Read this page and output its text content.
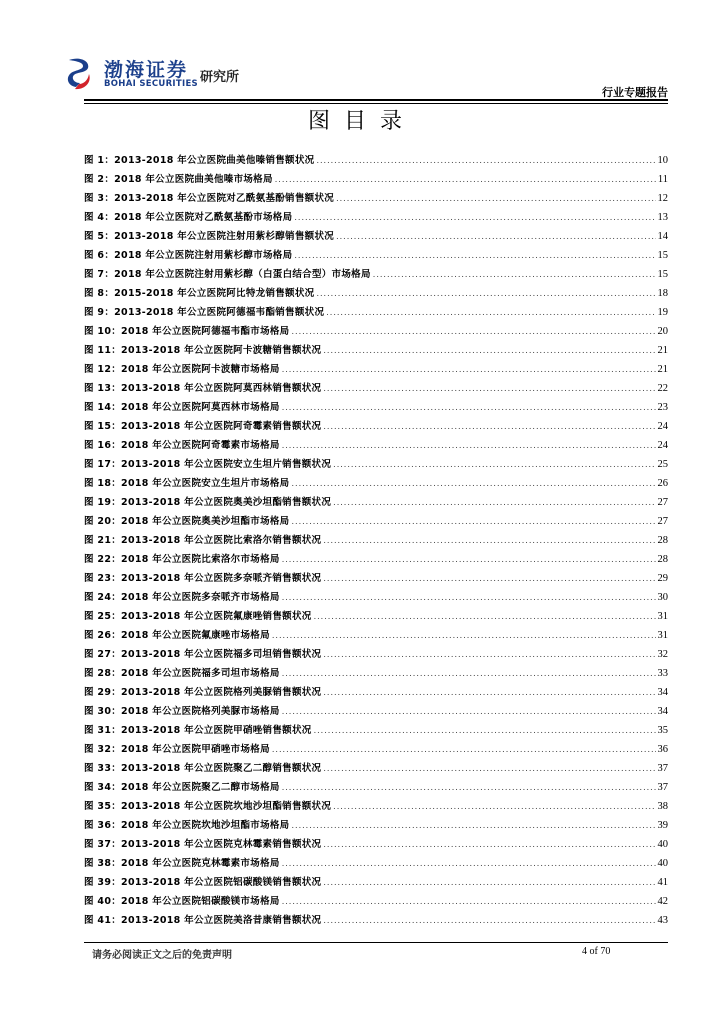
渤海证券
BOHAI SECURITIES 研究所
行业专题报告
图目录
图 1：2013-2018 年公立医院曲美他嗪销售额状况 .....	10
图 2：2018 年公立医院曲美他嗪市场格局 .....	11
图 3：2013-2018 年公立医院对乙酰氨基酚销售额状况 .....	12
图 4：2018 年公立医院对乙酰氨基酚市场格局 .....	13
图 5：2013-2018 年公立医院注射用紫杉醇销售额状况 .....	14
图 6：2018 年公立医院注射用紫杉醇市场格局 .....	15
图 7：2018 年公立医院注射用紫杉醇（白蛋白结合型）市场格局 .....	15
图 8：2015-2018 年公立医院阿比特龙销售额状况 .....	18
图 9：2013-2018 年公立医院阿德福韦酯销售额状况 .....	19
图 10：2018 年公立医院阿德福韦酯市场格局 .....	20
图 11：2013-2018 年公立医院阿卡波糖销售额状况 .....	21
图 12：2018 年公立医院阿卡波糖市场格局 .....	21
图 13：2013-2018 年公立医院阿莫西林销售额状况 .....	22
图 14：2018 年公立医院阿莫西林市场格局 .....	23
图 15：2013-2018 年公立医院阿奇霉素销售额状况 .....	24
图 16：2018 年公立医院阿奇霉素市场格局 .....	24
图 17：2013-2018 年公立医院安立生坦片销售额状况 .....	25
图 18：2018 年公立医院安立生坦片市场格局 .....	26
图 19：2013-2018 年公立医院奥美沙坦酯销售额状况 .....	27
图 20：2018 年公立医院奥美沙坦酯市场格局 .....	27
图 21：2013-2018 年公立医院比索洛尔销售额状况 .....	28
图 22：2018 年公立医院比索洛尔市场格局 .....	28
图 23：2013-2018 年公立医院多奈哌齐销售额状况 .....	29
图 24：2018 年公立医院多奈哌齐市场格局 .....	30
图 25：2013-2018 年公立医院氟康唑销售额状况 .....	31
图 26：2018 年公立医院氟康唑市场格局 .....	31
图 27：2013-2018 年公立医院福多司坦销售额状况 .....	32
图 28：2018 年公立医院福多司坦市场格局 .....	33
图 29：2013-2018 年公立医院格列美脲销售额状况 .....	34
图 30：2018 年公立医院格列美脲市场格局 .....	34
图 31：2013-2018 年公立医院甲硝唑销售额状况 .....	35
图 32：2018 年公立医院甲硝唑市场格局 .....	36
图 33：2013-2018 年公立医院聚乙二醇销售额状况 .....	37
图 34：2018 年公立医院聚乙二醇市场格局 .....	37
图 35：2013-2018 年公立医院坎地沙坦酯销售额状况 .....	38
图 36：2018 年公立医院坎地沙坦酯市场格局 .....	39
图 37：2013-2018 年公立医院克林霉素销售额状况 .....	40
图 38：2018 年公立医院克林霉素市场格局 .....	40
图 39：2013-2018 年公立医院铝碳酸镁销售额状况 .....	41
图 40：2018 年公立医院铝碳酸镁市场格局 .....	42
图 41：2013-2018 年公立医院美洛昔康销售额状况 .....	43
请务必阅读正文之后的免责声明	4 of 70
